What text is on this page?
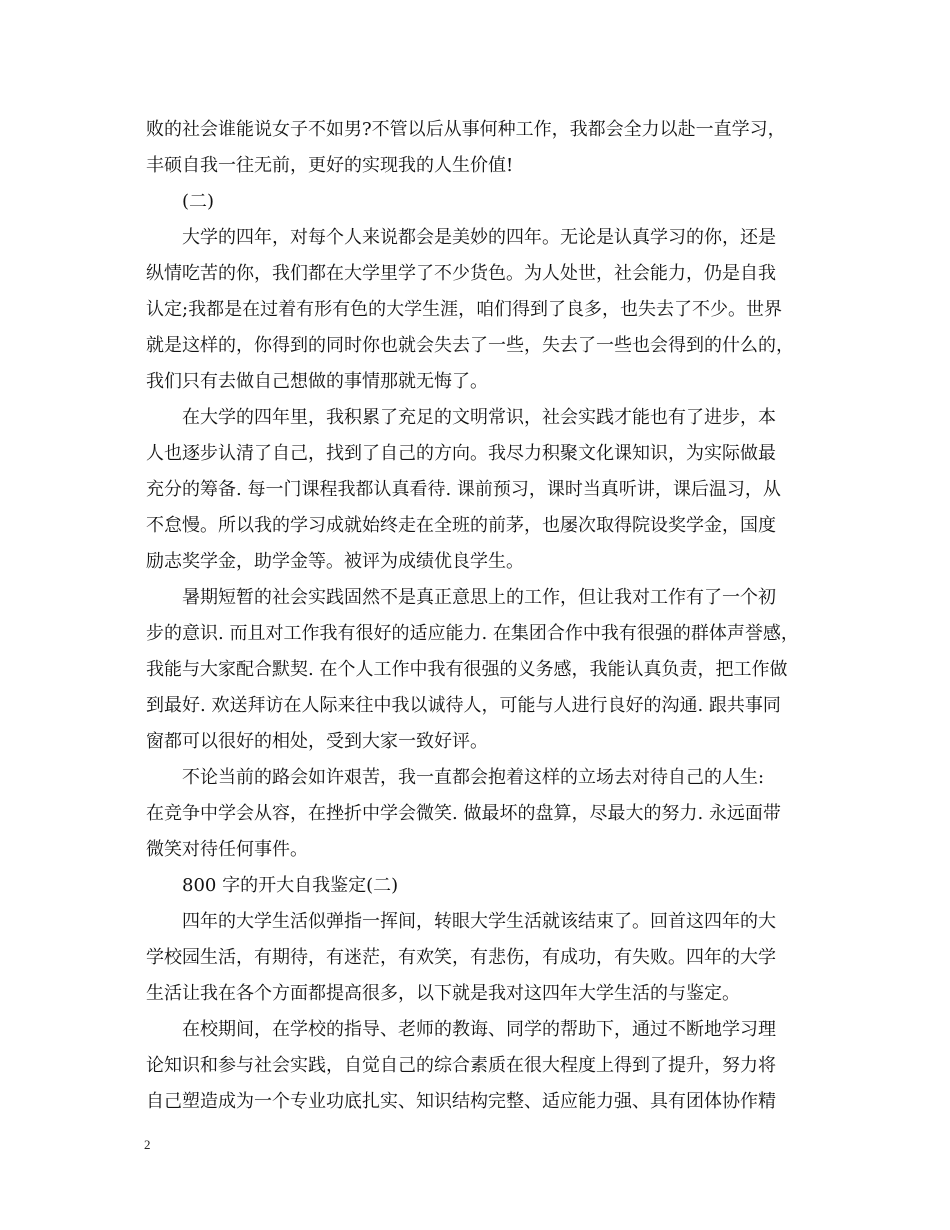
败的社会谁能说女子不如男?不管以后从事何种工作，我都会全力以赴一直学习，
丰硕自我一往无前，更好的实现我的人生价值!
(二)
大学的四年，对每个人来说都会是美妙的四年。无论是认真学习的你，还是
纵情吃苦的你，我们都在大学里学了不少货色。为人处世，社会能力，仍是自我
认定;我都是在过着有形有色的大学生涯，咱们得到了良多，也失去了不少。世界
就是这样的，你得到的同时你也就会失去了一些，失去了一些也会得到的什么的，
我们只有去做自己想做的事情那就无悔了。
在大学的四年里，我积累了充足的文明常识，社会实践才能也有了进步，本
人也逐步认清了自己，找到了自己的方向。我尽力积聚文化课知识，为实际做最
充分的筹备. 每一门课程我都认真看待. 课前预习，课时当真听讲，课后温习，从
不怠慢。所以我的学习成就始终走在全班的前茅，也屡次取得院设奖学金，国度
励志奖学金，助学金等。被评为成绩优良学生。
暑期短暂的社会实践固然不是真正意思上的工作，但让我对工作有了一个初
步的意识. 而且对工作我有很好的适应能力. 在集团合作中我有很强的群体声誉感，
我能与大家配合默契. 在个人工作中我有很强的义务感，我能认真负责，把工作做
到最好. 欢送拜访在人际来往中我以诚待人，可能与人进行良好的沟通. 跟共事同
窗都可以很好的相处，受到大家一致好评。
不论当前的路会如许艰苦，我一直都会抱着这样的立场去对待自己的人生:
在竞争中学会从容，在挫折中学会微笑. 做最坏的盘算，尽最大的努力. 永远面带
微笑对待任何事件。
800 字的开大自我鉴定(二)
四年的大学生活似弹指一挥间，转眼大学生活就该结束了。回首这四年的大
学校园生活，有期待，有迷茫，有欢笑，有悲伤，有成功，有失败。四年的大学
生活让我在各个方面都提高很多，以下就是我对这四年大学生活的与鉴定。
在校期间，在学校的指导、老师的教诲、同学的帮助下，通过不断地学习理
论知识和参与社会实践，自觉自己的综合素质在很大程度上得到了提升，努力将
自己塑造成为一个专业功底扎实、知识结构完整、适应能力强、具有团体协作精
2
